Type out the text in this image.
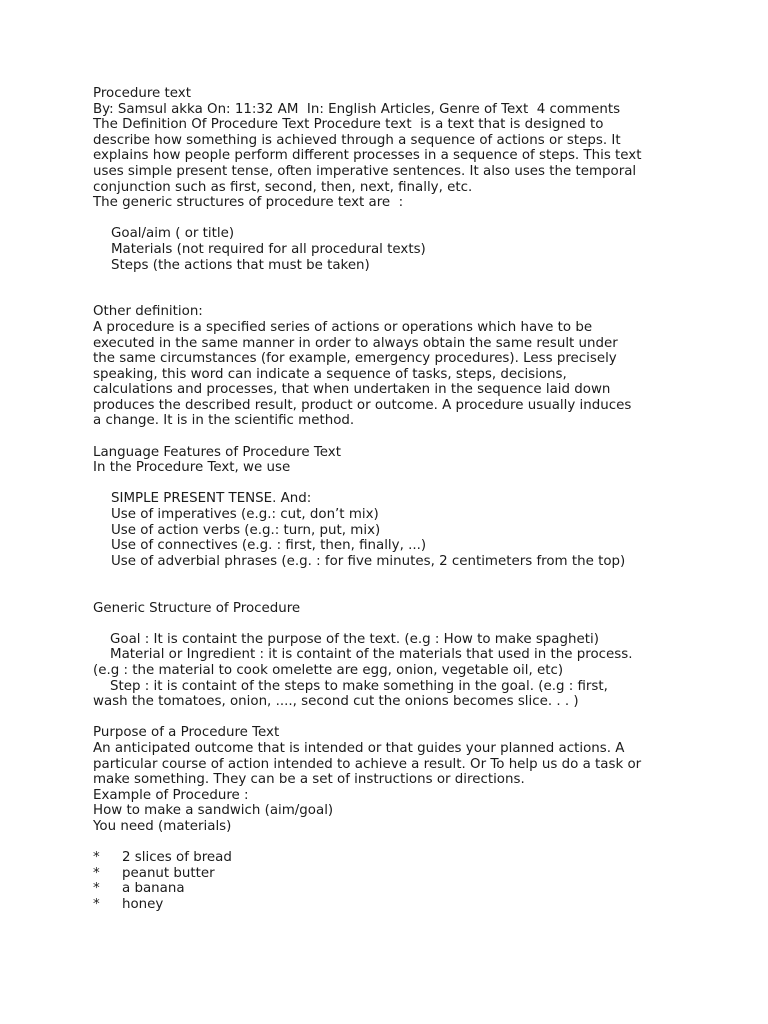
Procedure text
By: Samsul akka On: 11:32 AM  In: English Articles, Genre of Text  4 comments
The Definition Of Procedure Text Procedure text  is a text that is designed to
describe how something is achieved through a sequence of actions or steps. It
explains how people perform different processes in a sequence of steps. This text
uses simple present tense, often imperative sentences. It also uses the temporal
conjunction such as first, second, then, next, finally, etc.
The generic structures of procedure text are  :
Goal/aim ( or title)
Materials (not required for all procedural texts)
Steps (the actions that must be taken)
Other definition:
A procedure is a specified series of actions or operations which have to be
executed in the same manner in order to always obtain the same result under
the same circumstances (for example, emergency procedures). Less precisely
speaking, this word can indicate a sequence of tasks, steps, decisions,
calculations and processes, that when undertaken in the sequence laid down
produces the described result, product or outcome. A procedure usually induces
a change. It is in the scientific method.
Language Features of Procedure Text
In the Procedure Text, we use
SIMPLE PRESENT TENSE. And:
Use of imperatives (e.g.: cut, don’t mix)
Use of action verbs (e.g.: turn, put, mix)
Use of connectives (e.g. : first, then, finally, ...)
Use of adverbial phrases (e.g. : for five minutes, 2 centimeters from the top)
Generic Structure of Procedure
Goal : It is containt the purpose of the text. (e.g : How to make spagheti)
Material or Ingredient : it is containt of the materials that used in the process.
(e.g : the material to cook omelette are egg, onion, vegetable oil, etc)
Step : it is containt of the steps to make something in the goal. (e.g : first,
wash the tomatoes, onion, ...., second cut the onions becomes slice. . . )
Purpose of a Procedure Text
An anticipated outcome that is intended or that guides your planned actions. A
particular course of action intended to achieve a result. Or To help us do a task or
make something. They can be a set of instructions or directions.
Example of Procedure :
How to make a sandwich (aim/goal)
You need (materials)
* 2 slices of bread
* peanut butter
* a banana
* honey
